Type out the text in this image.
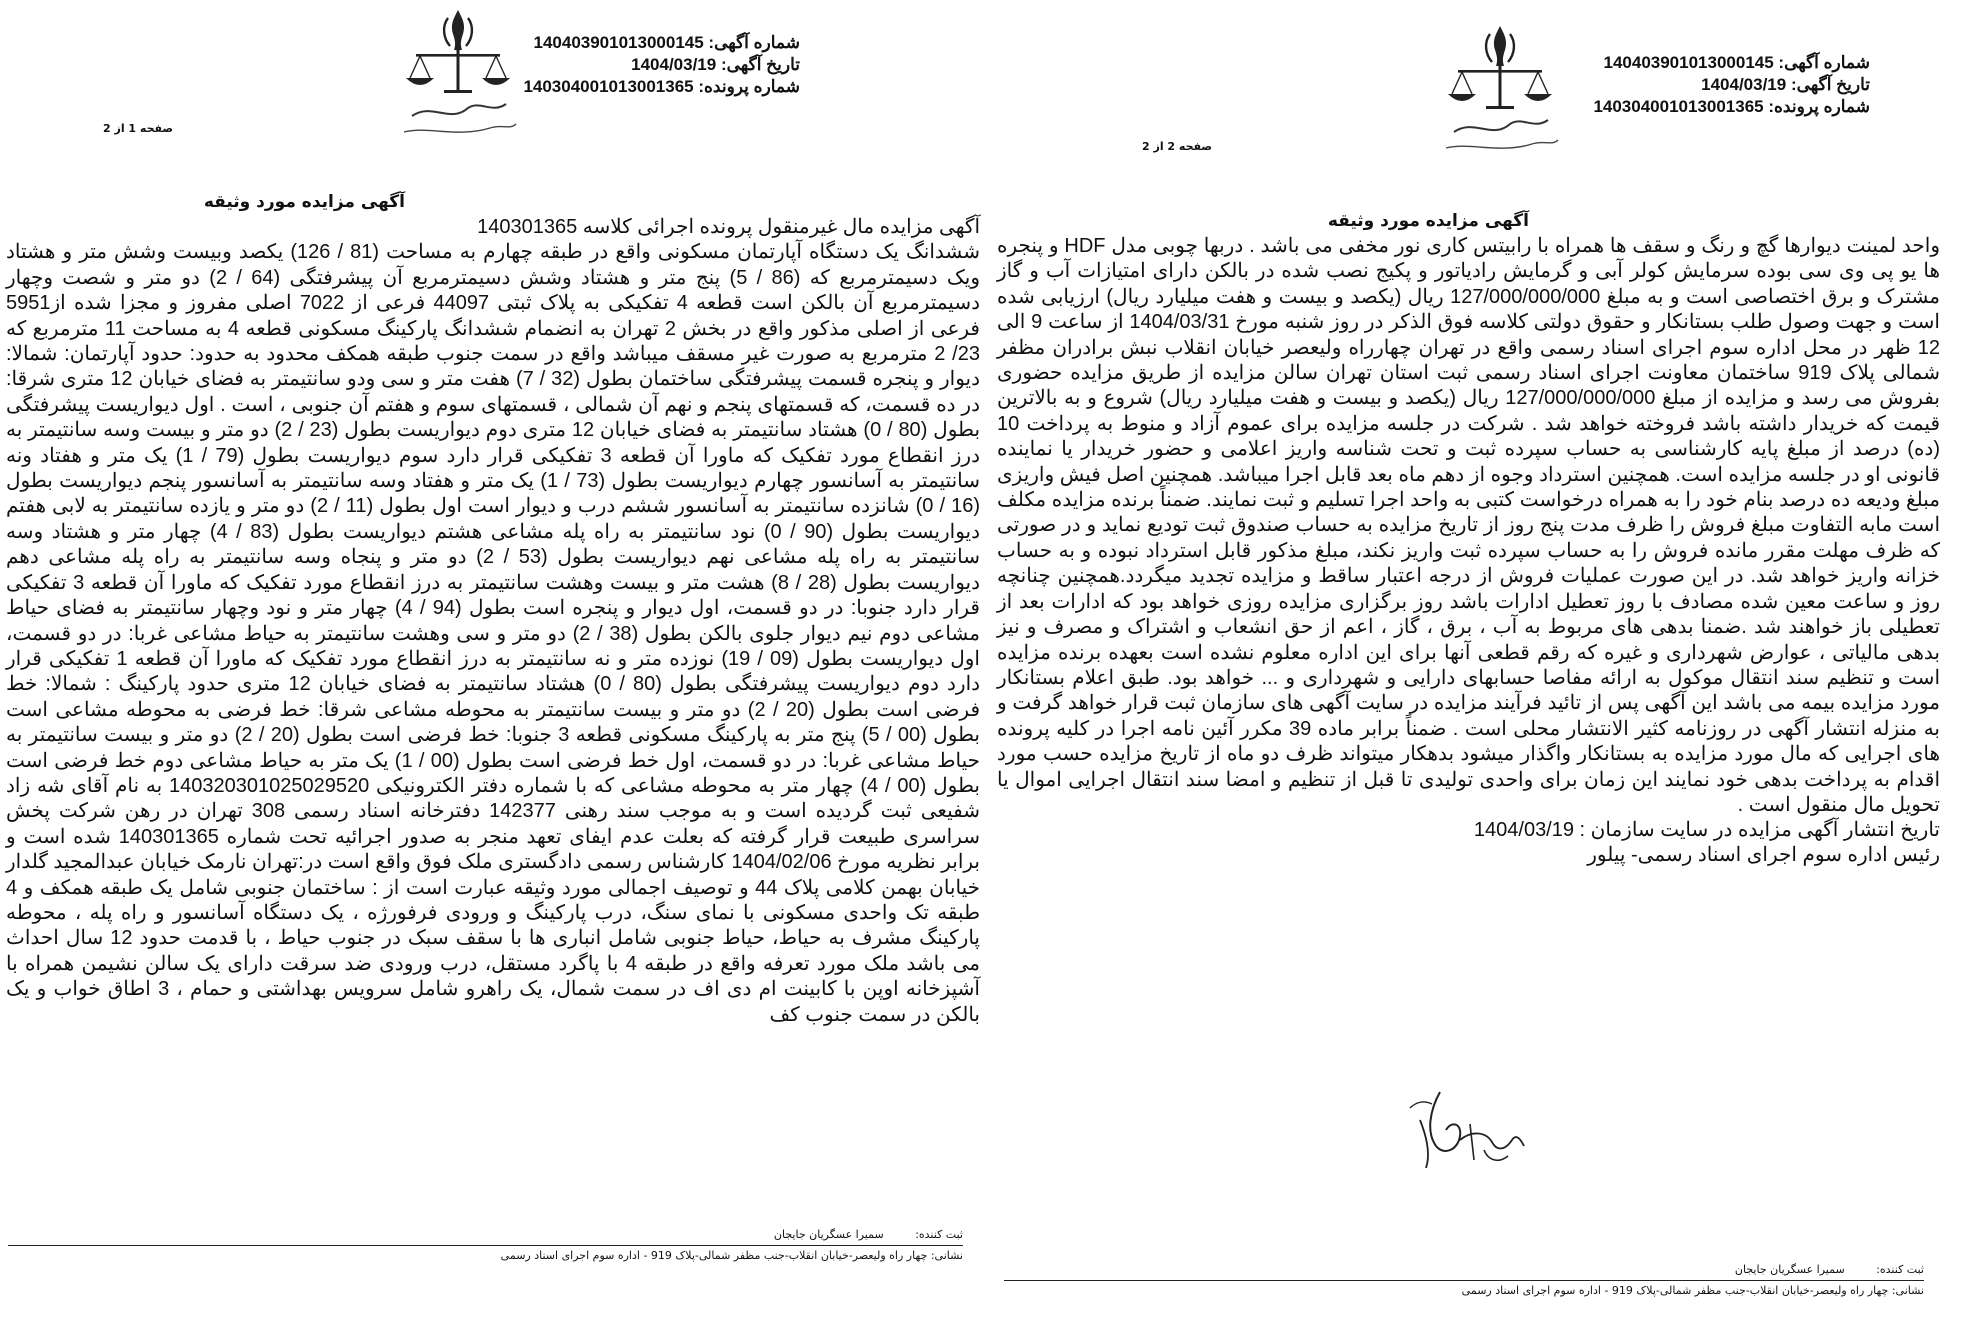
شماره آگهی: 140403901013000145
تاریخ آگهی: 1404/03/19
شماره پرونده: 140304001013001365
صفحه 2 از 2
آگهی مزایده مورد وثیقه

واحد لمینت دیوارها گچ و رنگ و سقف ها همراه با رابیتس کاری نور مخفی می باشد . دربها چوبی مدل HDF و پنجره ها یو پی وی سی بوده سرمایش کولر آبی و گرمایش رادیاتور و پکیج نصب شده در بالکن دارای امتیازات آب و گاز مشترک و برق اختصاصی است و به مبلغ 127/000/000/000 ریال (یکصد و بیست و هفت میلیارد ریال) ارزیابی شده است و جهت وصول طلب بستانکار و حقوق دولتی کلاسه فوق الذکر در روز شنبه مورخ 1404/03/31 از ساعت 9 الی 12 ظهر در محل اداره سوم اجرای اسناد رسمی واقع در تهران چهارراه ولیعصر خیابان انقلاب نبش برادران مظفر شمالی پلاک 919 ساختمان معاونت اجرای اسناد رسمی ثبت استان تهران سالن مزایده از طریق مزایده حضوری بفروش می رسد و مزایده از مبلغ 127/000/000/000 ریال (یکصد و بیست و هفت میلیارد ریال) شروع و به بالاترین قیمت که خریدار داشته باشد فروخته خواهد شد . شرکت در جلسه مزایده برای عموم آزاد و منوط به پرداخت 10 (ده) درصد از مبلغ پایه کارشناسی به حساب سپرده ثبت و تحت شناسه واریز اعلامی و حضور خریدار یا نماینده قانونی او در جلسه مزایده است. همچنین استرداد وجوه از دهم ماه بعد قابل اجرا میباشد. همچنین اصل فیش واریزی مبلغ ودیعه ده درصد بنام خود را به همراه درخواست کتبی به واحد اجرا تسلیم و ثبت نمایند. ضمناً برنده مزایده مکلف است مابه التفاوت مبلغ فروش را ظرف مدت پنج روز از تاریخ مزایده به حساب صندوق ثبت تودیع نماید و در صورتی که ظرف مهلت مقرر مانده فروش را به حساب سپرده ثبت واریز نکند، مبلغ مذکور قابل استرداد نبوده و به حساب خزانه واریز خواهد شد. در این صورت عملیات فروش از درجه اعتبار ساقط و مزایده تجدید میگردد.همچنین چنانچه روز و ساعت معین شده مصادف با روز تعطیل ادارات باشد روز برگزاری مزایده روزی خواهد بود که ادارات بعد از تعطیلی باز خواهند شد .ضمنا بدهی های مربوط به آب ، برق ، گاز ، اعم از حق انشعاب و اشتراک و مصرف و نیز بدهی مالیاتی ، عوارض شهرداری و غیره که رقم قطعی آنها برای این اداره معلوم نشده است بعهده برنده مزایده است و تنظیم سند انتقال موکول به ارائه مفاصا حسابهای دارایی و شهرداری و ... خواهد بود. طبق اعلام بستانکار مورد مزایده بیمه می باشد این آگهی پس از تائید فرآیند مزایده در سایت آگهی های سازمان ثبت قرار خواهد گرفت و به منزله انتشار آگهی در روزنامه کثیر الانتشار محلی است . ضمناً برابر ماده 39 مکرر آئین نامه اجرا در کلیه پرونده های اجرایی که مال مورد مزایده به بستانکار واگذار میشود بدهکار میتواند ظرف دو ماه از تاریخ مزایده حسب مورد اقدام به پرداخت بدهی خود نمایند این زمان برای واحدی تولیدی تا قبل از تنظیم و امضا سند انتقال اجرایی اموال یا تحویل مال منقول است .

تاریخ انتشار آگهی مزایده در سایت سازمان : 1404/03/19
رئیس اداره سوم اجرای اسناد رسمی- پیلور
ثبت کننده: سمیرا عسگریان جایجان
نشانی: چهار راه ولیعصر-خیابان انقلاب-جنب مظفر شمالی-پلاک 919 - اداره سوم اجرای اسناد رسمی
شماره آگهی: 140403901013000145
تاریخ آگهی: 1404/03/19
شماره پرونده: 140304001013001365
صفحه 1 از 2
آگهی مزایده مورد وثیقه
آگهی مزایده مال غیرمنقول پرونده اجرائی کلاسه 140301365

ششدانگ یک دستگاه آپارتمان مسکونی واقع در طبقه چهارم به مساحت (81 / 126) یکصد وبیست وشش متر و هشتاد ویک دسیمترمربع که (86 / 5) پنج متر و هشتاد وشش دسیمترمربع آن پیشرفتگی (64 / 2) دو متر و شصت وچهار دسیمترمربع آن بالکن است قطعه 4 تفکیکی به پلاک ثبتی 44097 فرعی از 7022 اصلی مفروز و مجزا شده از5951 فرعی از اصلی مذکور واقع در بخش 2 تهران به انضمام ششدانگ پارکینگ مسکونی قطعه 4 به مساحت 11 مترمربع که 23/ 2 مترمربع به صورت غیر مسقف میباشد واقع در سمت جنوب طبقه همکف محدود به حدود: حدود آپارتمان: شمالا: دیوار و پنجره قسمت پیشرفتگی ساختمان بطول (32 / 7) هفت متر و سی ودو سانتیمتر به فضای خیابان 12 متری شرقا: در ده قسمت، که قسمتهای پنجم و نهم آن شمالی ، قسمتهای سوم و هفتم آن جنوبی ، است . اول دیواریست پیشرفتگی بطول (80 / 0) هشتاد سانتیمتر به فضای خیابان 12 متری دوم دیواریست بطول (23 / 2) دو متر و بیست وسه سانتیمتر به درز انقطاع مورد تفکیک که ماورا آن قطعه 3 تفکیکی قرار دارد سوم دیواریست بطول (79 / 1) یک متر و هفتاد ونه سانتیمتر به آسانسور چهارم دیواریست بطول (73 / 1) یک متر و هفتاد وسه سانتیمتر به آسانسور پنجم دیواریست بطول (16 / 0) شانزده سانتیمتر به آسانسور ششم درب و دیوار است اول بطول (11 / 2) دو متر و یازده سانتیمتر به لابی هفتم دیواریست بطول (90 / 0) نود سانتیمتر به راه پله مشاعی هشتم دیواریست بطول (83 / 4) چهار متر و هشتاد وسه سانتیمتر به راه پله مشاعی نهم دیواریست بطول (53 / 2) دو متر و پنجاه وسه سانتیمتر به راه پله مشاعی دهم دیواریست بطول (28 / 8) هشت متر و بیست وهشت سانتیمتر به درز انقطاع مورد تفکیک که ماورا آن قطعه 3 تفکیکی قرار دارد جنوبا: در دو قسمت، اول دیوار و پنجره است بطول (94 / 4) چهار متر و نود وچهار سانتیمتر به فضای حیاط مشاعی دوم نیم دیوار جلوی بالکن بطول (38 / 2) دو متر و سی وهشت سانتیمتر به حیاط مشاعی غربا: در دو قسمت، اول دیواریست بطول (09 / 19) نوزده متر و نه سانتیمتر به درز انقطاع مورد تفکیک که ماورا آن قطعه 1 تفکیکی قرار دارد دوم دیواریست پیشرفتگی بطول (80 / 0) هشتاد سانتیمتر به فضای خیابان 12 متری حدود پارکینگ : شمالا: خط فرضی است بطول (20 / 2) دو متر و بیست سانتیمتر به محوطه مشاعی شرقا: خط فرضی به محوطه مشاعی است بطول (00 / 5) پنج متر به پارکینگ مسکونی قطعه 3 جنوبا: خط فرضی است بطول (20 / 2) دو متر و بیست سانتیمتر به حیاط مشاعی غربا: در دو قسمت، اول خط فرضی است بطول (00 / 1) یک متر به حیاط مشاعی دوم خط فرضی است بطول (00 / 4) چهار متر به محوطه مشاعی که با شماره دفتر الکترونیکی 140320301025029520 به نام آقای شه زاد شفیعی ثبت گردیده است و به موجب سند رهنی 142377 دفترخانه اسناد رسمی 308 تهران در رهن شرکت پخش سراسری طبیعت قرار گرفته که بعلت عدم ایفای تعهد منجر به صدور اجرائیه تحت شماره 140301365 شده است و برابر نظریه مورخ 1404/02/06 کارشناس رسمی دادگستری ملک فوق واقع است در:تهران نارمک خیابان عبدالمجید گلدار خیابان بهمن کلامی پلاک 44 و توصیف اجمالی مورد وثیقه عبارت است از : ساختمان جنوبی شامل یک طبقه همکف و 4 طبقه تک واحدی مسکونی با نمای سنگ، درب پارکینگ و ورودی فرفورژه ، یک دستگاه آسانسور و راه پله ، محوطه پارکینگ مشرف به حیاط، حیاط جنوبی شامل انباری ها با سقف سبک در جنوب حیاط ، با قدمت حدود 12 سال احداث می باشد ملک مورد تعرفه واقع در طبقه 4 با پاگرد مستقل، درب ورودی ضد سرقت دارای یک سالن نشیمن همراه با آشپزخانه اوپن با کابینت ام دی اف در سمت شمال، یک راهرو شامل سرویس بهداشتی و حمام ، 3 اطاق خواب و یک بالکن در سمت جنوب کف

ثبت کننده: سمیرا عسگریان جایجان
نشانی: چهار راه ولیعصر-خیابان انقلاب-جنب مظفر شمالی-پلاک 919 - اداره سوم اجرای اسناد رسمی
